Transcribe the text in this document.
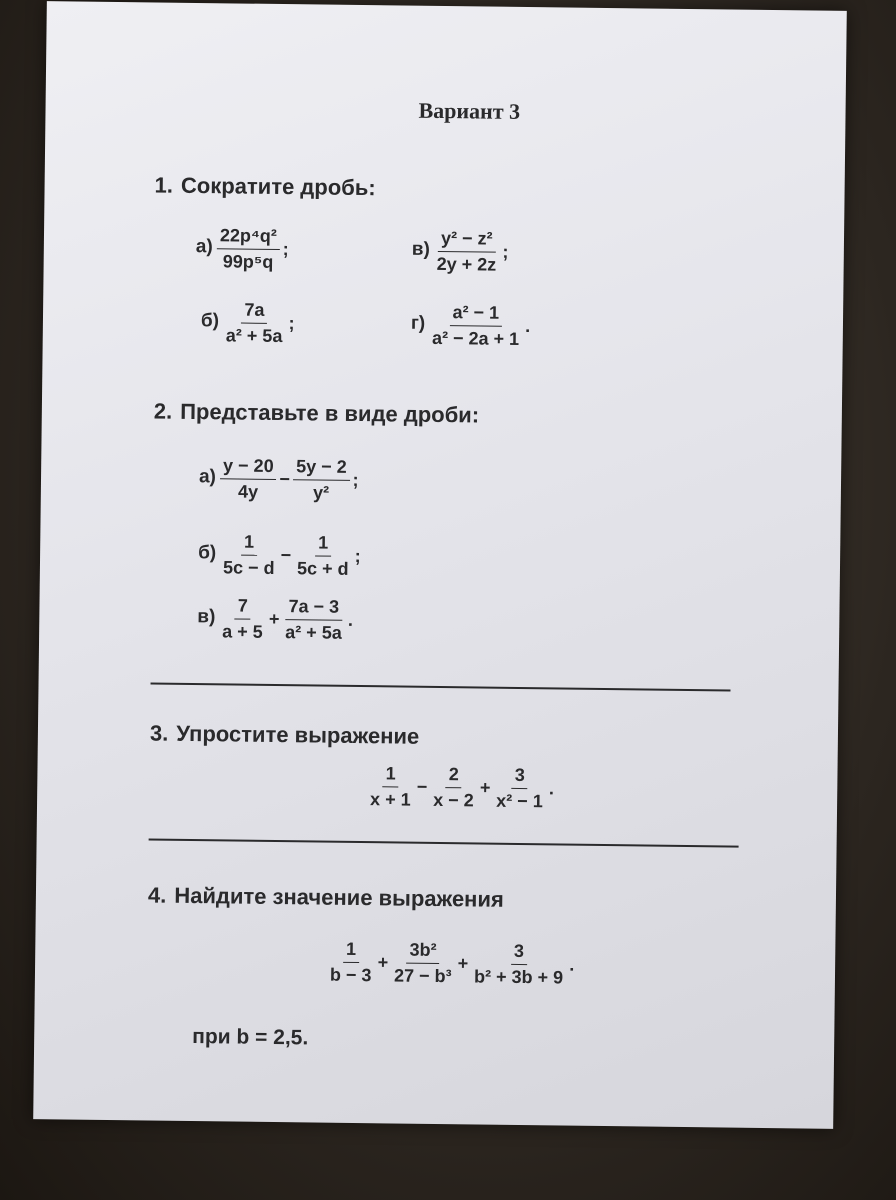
Вариант 3
1. Сократите дробь:
$а) \frac{\text{22p⁴q²}}{\text{99p⁵q}}$ ;	$в) \frac{\text{y² − z²}}{2y + 2z}$ ;
$б) \frac{7a}{\text{a² + 5a}}$ ;	$г) \frac{\text{a² − 1}}{\text{a² − 2a + 1}}$ .
2. Представьте в виде дроби:
$а) \frac{y - 20}{4y} - \frac{5y - 2}{\text{y²}}$ ;
$б) \frac{1}{5c - d} - \frac{1}{5c + d}$ ;
$в) \frac{7}{a + 5} + \frac{7a - 3}{\text{a² + 5a}}$ .
3. Упростите выражение
$\frac{1}{x + 1} - \frac{2}{x - 2} + \frac{3}{\text{x² − 1}}$ .
4. Найдите значение выражения
$\frac{1}{b - 3} + \frac{\text{3b²}}{\text{27 − b³}} + \frac{3}{\text{b² + 3b + 9}}$ .
при b = 2,5.
